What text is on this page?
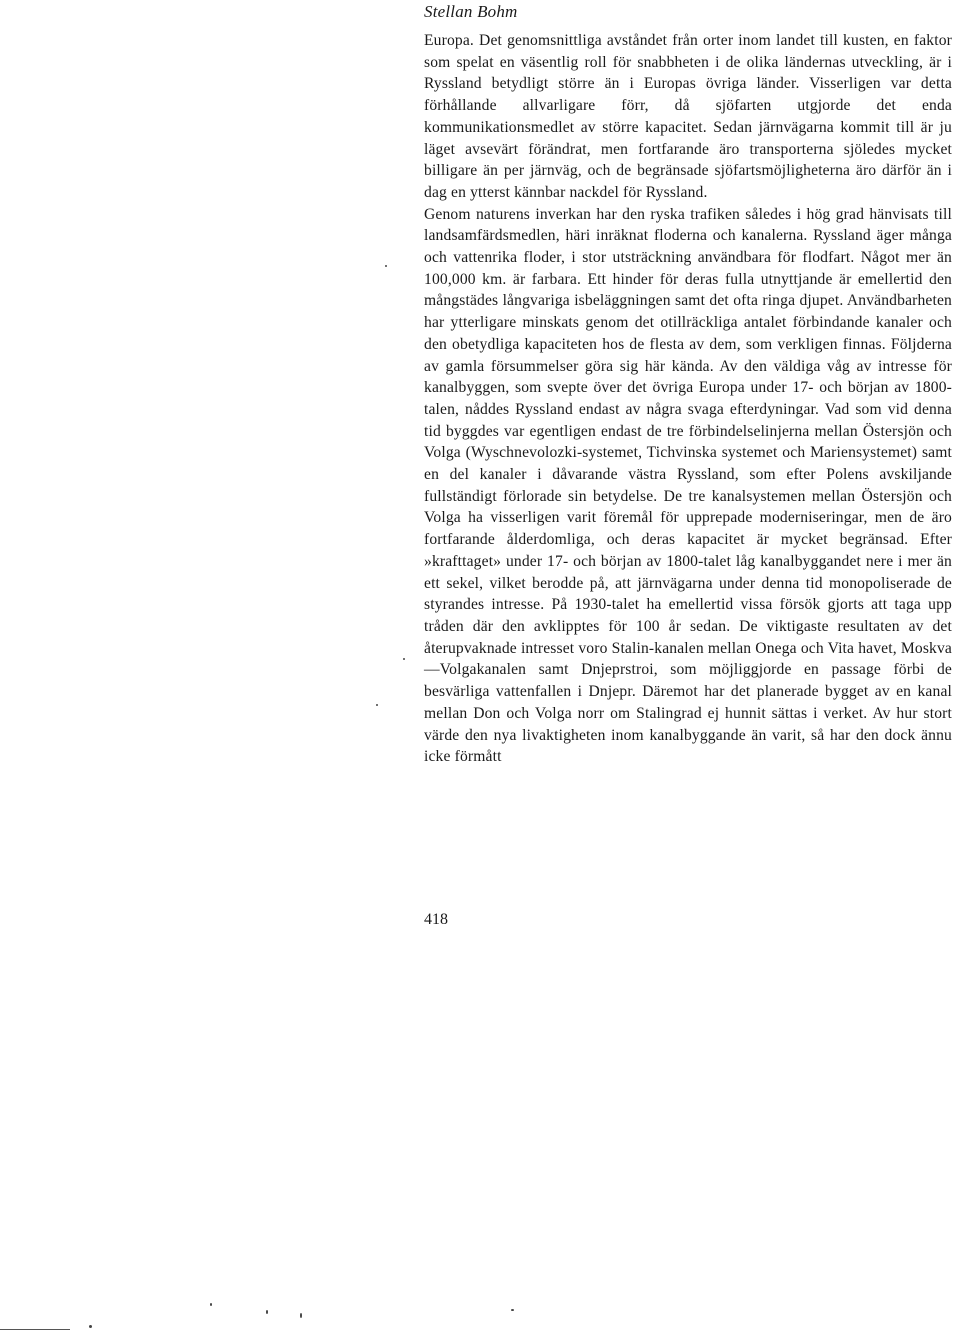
Stellan Bohm

Europa. Det genomsnittliga avståndet från orter inom landet till kusten, en faktor som spelat en väsentlig roll för snabbheten i de olika ländernas utveckling, är i Ryssland betydligt större än i Europas övriga länder. Visserligen var detta förhållande allvarligare förr, då sjöfarten utgjorde det enda kommunikationsmedlet av större kapacitet. Sedan järnvägarna kommit till är ju läget avsevärt förändrat, men fortfarande äro transporterna sjöledes mycket billigare än per järnväg, och de begränsade sjöfartsmöjligheterna äro därför än i dag en ytterst kännbar nackdel för Ryssland.

Genom naturens inverkan har den ryska trafiken således i hög grad hänvisats till landsamfärdsmedlen, häri inräknat floderna och kanalerna. Ryssland äger många och vattenrika floder, i stor utsträckning användbara för flodfart. Något mer än 100,000 km. är farbara. Ett hinder för deras fulla utnyttjande är emellertid den mångstädes långvariga isbeläggningen samt det ofta ringa djupet. Användbarheten har ytterligare minskats genom det otillräckliga antalet förbindande kanaler och den obetydliga kapaciteten hos de flesta av dem, som verkligen finnas. Följderna av gamla försummelser göra sig här kända. Av den väldiga våg av intresse för kanalbyggen, som svepte över det övriga Europa under 17- och början av 1800-talen, nåddes Ryssland endast av några svaga efterdyningar. Vad som vid denna tid byggdes var egentligen endast de tre förbindelselinjerna mellan Östersjön och Volga (Wyschnevolozki-systemet, Tichvinska systemet och Mariensystemet) samt en del kanaler i dåvarande västra Ryssland, som efter Polens avskiljande fullständigt förlorade sin betydelse. De tre kanalsystemen mellan Östersjön och Volga ha visserligen varit föremål för upprepade moderniseringar, men de äro fortfarande ålderdomliga, och deras kapacitet är mycket begränsad. Efter »krafttaget» under 17- och början av 1800-talet låg kanalbyggandet nere i mer än ett sekel, vilket berodde på, att järnvägarna under denna tid monopoliserade de styrandes intresse. På 1930-talet ha emellertid vissa försök gjorts att taga upp tråden där den avklipptes för 100 år sedan. De viktigaste resultaten av det återupvaknade intresset voro Stalin-kanalen mellan Onega och Vita havet, Moskva—Volgakanalen samt Dnjeprstroi, som möjliggjorde en passage förbi de besvärliga vattenfallen i Dnjepr. Däremot har det planerade bygget av en kanal mellan Don och Volga norr om Stalingrad ej hunnit sättas i verket. Av hur stort värde den nya livaktigheten inom kanalbyggande än varit, så har den dock ännu icke förmått

418
